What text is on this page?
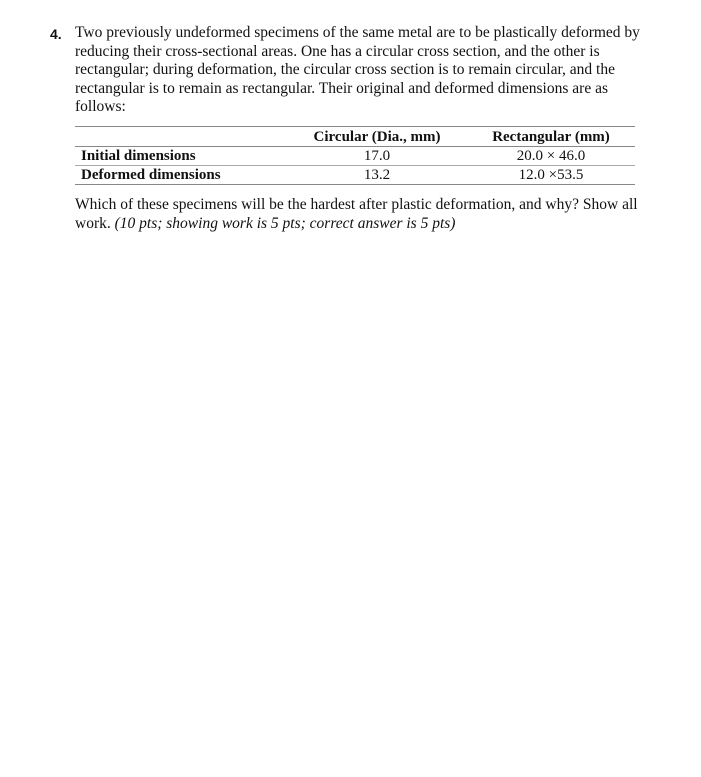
4. Two previously undeformed specimens of the same metal are to be plastically deformed by reducing their cross-sectional areas. One has a circular cross section, and the other is rectangular; during deformation, the circular cross section is to remain circular, and the rectangular is to remain as rectangular. Their original and deformed dimensions are as follows:
	Circular (Dia., mm)	Rectangular (mm)
Initial dimensions	17.0	20.0 × 46.0
Deformed dimensions	13.2	12.0 ×53.5
Which of these specimens will be the hardest after plastic deformation, and why? Show all work. (10 pts; showing work is 5 pts; correct answer is 5 pts)
